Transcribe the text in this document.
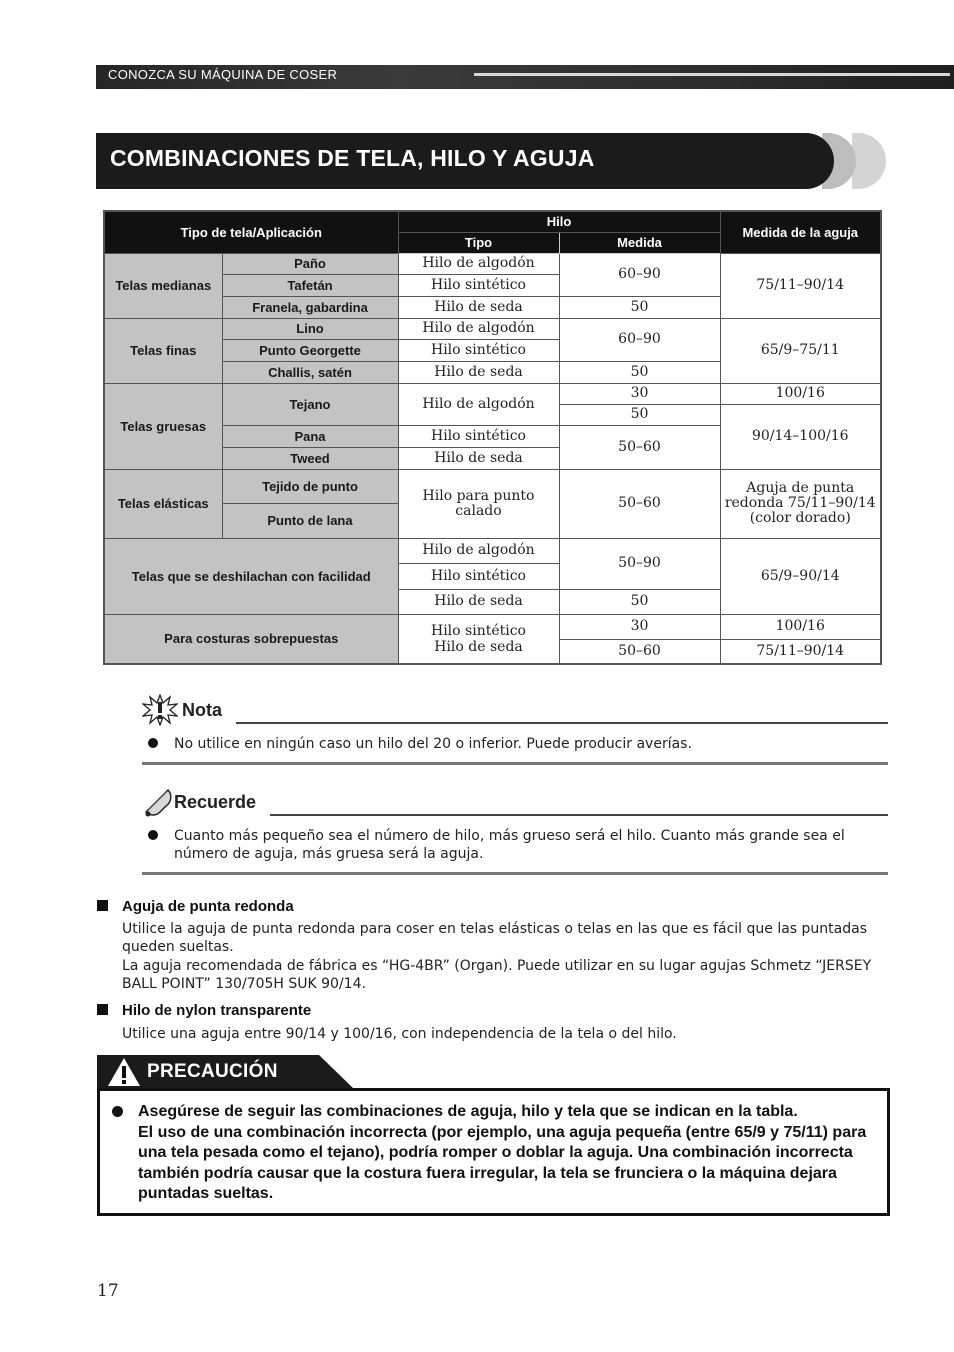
CONOZCA SU MÁQUINA DE COSER
COMBINACIONES DE TELA, HILO Y AGUJA
Tipo de tela/Aplicación		Hilo		Medida de la aguja
		Tipo	Medida	
Telas medianas	Paño	Hilo de algodón	60–90	75/11–90/14
	Tafetán	Hilo sintético		
	Franela, gabardina	Hilo de seda	50	
Telas finas	Lino	Hilo de algodón	60–90	65/9–75/11
	Punto Georgette	Hilo sintético		
	Challis, satén	Hilo de seda	50	
Telas gruesas	Tejano	Hilo de algodón	30	100/16
			50	90/14–100/16
	Pana	Hilo sintético	50–60	
	Tweed	Hilo de seda		
Telas elásticas	Tejido de punto	Hilo para punto calado	50–60	Aguja de punta redonda 75/11–90/14 (color dorado)
	Punto de lana			
Telas que se deshilachan con facilidad		Hilo de algodón	50–90	65/9–90/14
		Hilo sintético		
		Hilo de seda	50	
Para costuras sobrepuestas		Hilo sintético Hilo de seda	30	100/16
			50–60	75/11–90/14
Nota
No utilice en ningún caso un hilo del 20 o inferior. Puede producir averías.
Recuerde
Cuanto más pequeño sea el número de hilo, más grueso será el hilo. Cuanto más grande sea el número de aguja, más gruesa será la aguja.
Aguja de punta redonda
Utilice la aguja de punta redonda para coser en telas elásticas o telas en las que es fácil que las puntadas queden sueltas.
La aguja recomendada de fábrica es “HG-4BR” (Organ). Puede utilizar en su lugar agujas Schmetz “JERSEY BALL POINT” 130/705H SUK 90/14.
Hilo de nylon transparente
Utilice una aguja entre 90/14 y 100/16, con independencia de la tela o del hilo.
PRECAUCIÓN
Asegúrese de seguir las combinaciones de aguja, hilo y tela que se indican en la tabla.
El uso de una combinación incorrecta (por ejemplo, una aguja pequeña (entre 65/9 y 75/11) para una tela pesada como el tejano), podría romper o doblar la aguja. Una combinación incorrecta también podría causar que la costura fuera irregular, la tela se frunciera o la máquina dejara puntadas sueltas.
17
